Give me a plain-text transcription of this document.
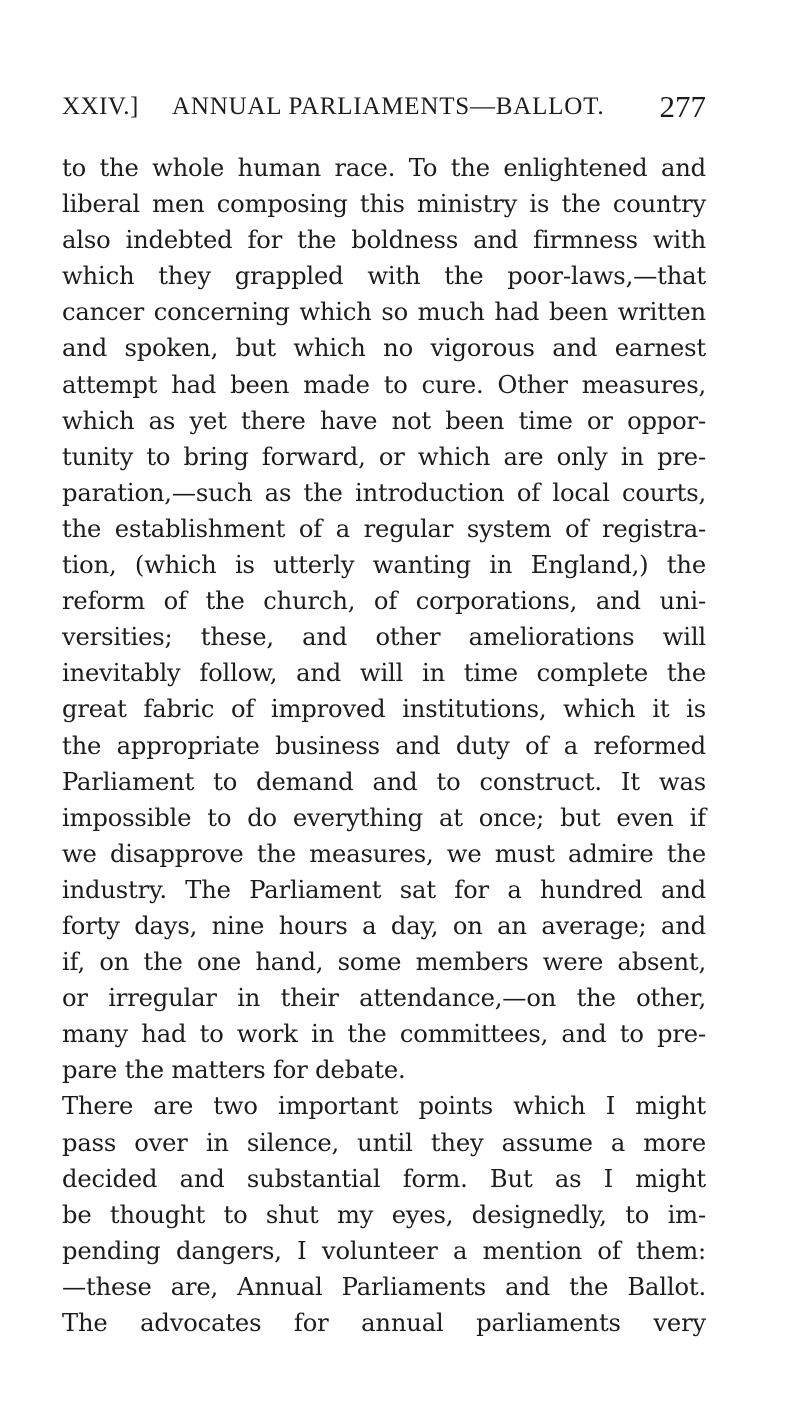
XXIV.] ANNUAL PARLIAMENTS—BALLOT. 277
to the whole human race. To the enlightened and
liberal men composing this ministry is the country
also indebted for the boldness and firmness with
which they grappled with the poor-laws,—that
cancer concerning which so much had been written
and spoken, but which no vigorous and earnest
attempt had been made to cure. Other measures,
which as yet there have not been time or oppor-
tunity to bring forward, or which are only in pre-
paration,—such as the introduction of local courts,
the establishment of a regular system of registra-
tion, (which is utterly wanting in England,) the
reform of the church, of corporations, and uni-
versities; these, and other ameliorations will
inevitably follow, and will in time complete the
great fabric of improved institutions, which it is
the appropriate business and duty of a reformed
Parliament to demand and to construct. It was
impossible to do everything at once; but even if
we disapprove the measures, we must admire the
industry. The Parliament sat for a hundred and
forty days, nine hours a day, on an average; and
if, on the one hand, some members were absent,
or irregular in their attendance,—on the other,
many had to work in the committees, and to pre-
pare the matters for debate.
There are two important points which I might
pass over in silence, until they assume a more
decided and substantial form. But as I might
be thought to shut my eyes, designedly, to im-
pending dangers, I volunteer a mention of them:
—these are, Annual Parliaments and the Ballot.
The advocates for annual parliaments very
